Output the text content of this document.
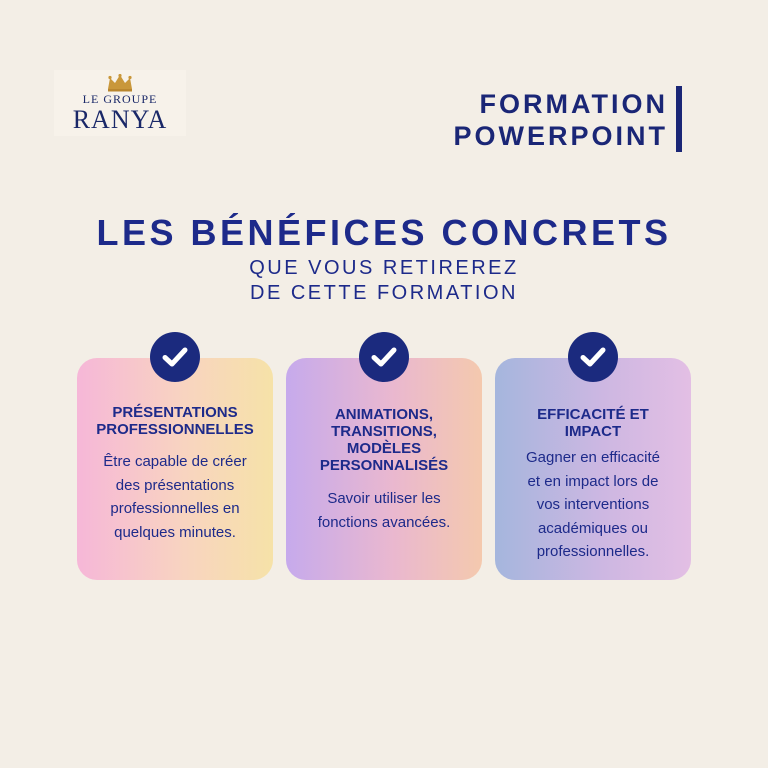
LE GROUPE
RANYA
FORMATION
POWERPOINT
LES BÉNÉFICES CONCRETS
QUE VOUS RETIREREZ
DE CETTE FORMATION
PRÉSENTATIONS
PROFESSIONNELLES
Être capable de créer
des présentations
professionnelles en
quelques minutes.
ANIMATIONS,
TRANSITIONS,
MODÈLES
PERSONNALISÉS
Savoir utiliser les
fonctions avancées.
EFFICACITÉ ET
IMPACT
Gagner en efficacité
et en impact lors de
vos interventions
académiques ou
professionnelles.
